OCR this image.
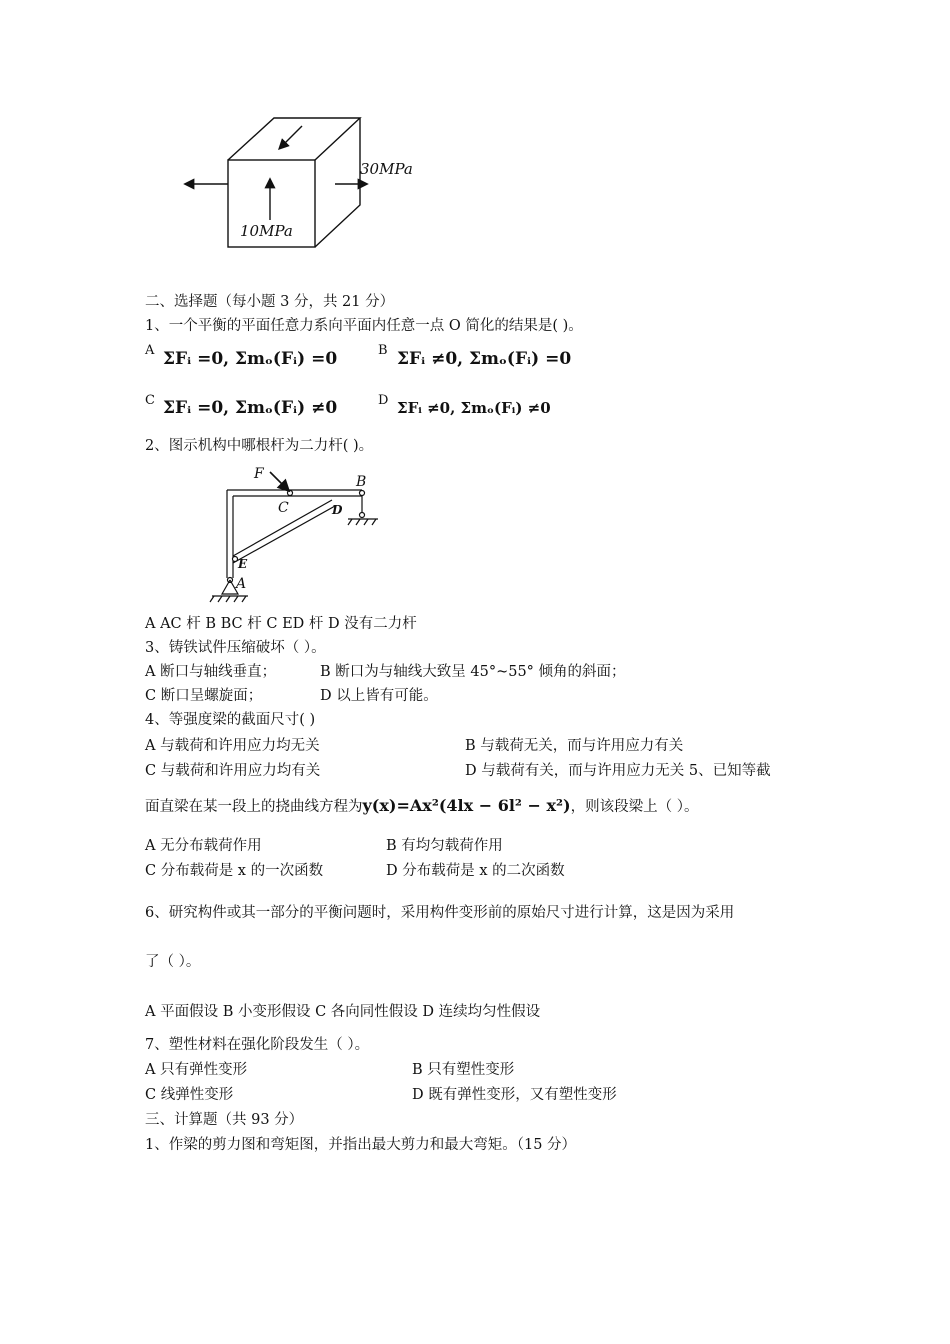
30MPa
10MPa
二、选择题（每小题 3 分，共 21 分）
1、一个平衡的平面任意力系向平面内任意一点 O 简化的结果是( )。
A ΣFᵢ =0, Σmₒ(Fᵢ) =0	B ΣFᵢ ≠0, Σmₒ(Fᵢ) =0
C ΣFᵢ =0, Σmₒ(Fᵢ) ≠0	D ΣFᵢ ≠0, Σmₒ(Fᵢ) ≠0
2、图示机构中哪根杆为二力杆( )。
F	B
C	D
E
A
A AC 杆 B BC 杆 C ED 杆 D 没有二力杆
3、铸铁试件压缩破坏（ ）。
A 断口与轴线垂直；	B 断口为与轴线大致呈 45°~55° 倾角的斜面；
C 断口呈螺旋面；	D 以上皆有可能。
4、等强度梁的截面尺寸( )
A 与载荷和许用应力均无关	B 与载荷无关，而与许用应力有关
C 与载荷和许用应力均有关	D 与载荷有关，而与许用应力无关 5、已知等截
面直梁在某一段上的挠曲线方程为y(x)=Ax²(4lx − 6l² − x²)，则该段梁上（ ）。
A 无分布载荷作用	B 有均匀载荷作用
C 分布载荷是 x 的一次函数	D 分布载荷是 x 的二次函数
6、研究构件或其一部分的平衡问题时，采用构件变形前的原始尺寸进行计算，这是因为采用
了（ ）。
A 平面假设 B 小变形假设 C 各向同性假设 D 连续均匀性假设
7、塑性材料在强化阶段发生（ ）。
A 只有弹性变形	B 只有塑性变形
C 线弹性变形	D 既有弹性变形，又有塑性变形
三、计算题（共 93 分）
1、作梁的剪力图和弯矩图，并指出最大剪力和最大弯矩。（15 分）
